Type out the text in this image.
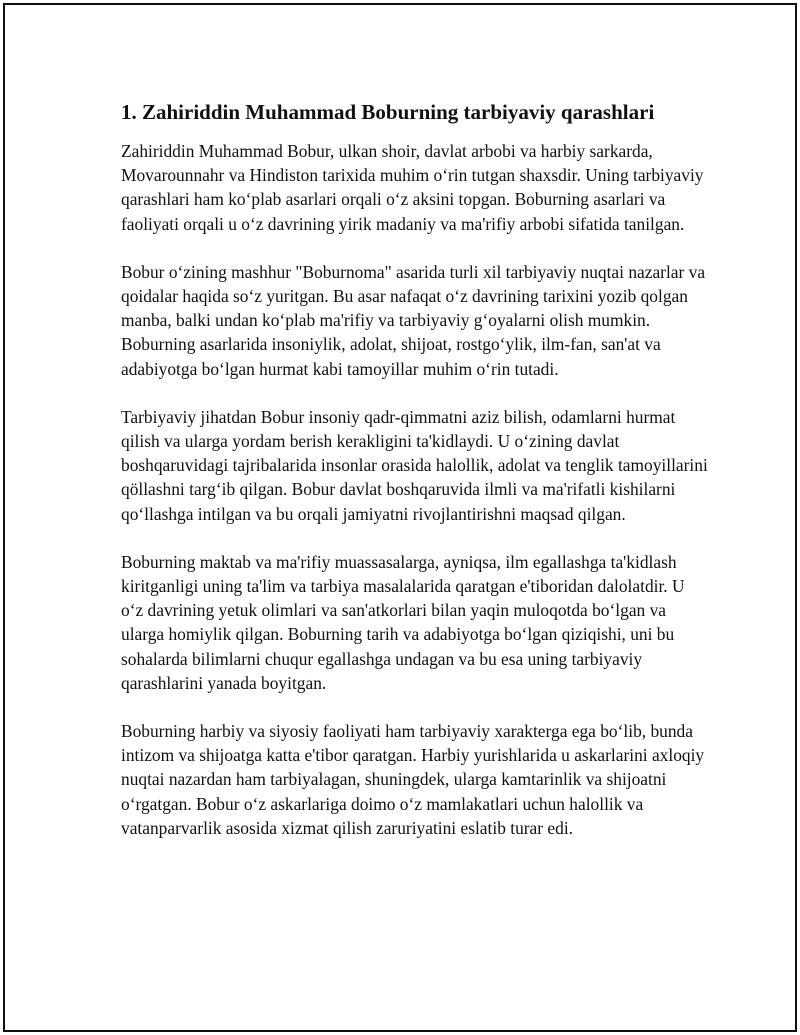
1. Zahiriddin Muhammad Boburning tarbiyaviy qarashlari

Zahiriddin Muhammad Bobur, ulkan shoir, davlat arbobi va harbiy sarkarda, Movarounnahr va Hindiston tarixida muhim o‘rin tutgan shaxsdir. Uning tarbiyaviy qarashlari ham ko‘plab asarlari orqali o‘z aksini topgan. Boburning asarlari va faoliyati orqali u o‘z davrining yirik madaniy va ma'rifiy arbobi sifatida tanilgan.

Bobur o‘zining mashhur "Boburnoma" asarida turli xil tarbiyaviy nuqtai nazarlar va qoidalar haqida so‘z yuritgan. Bu asar nafaqat o‘z davrining tarixini yozib qolgan manba, balki undan ko‘plab ma'rifiy va tarbiyaviy g‘oyalarni olish mumkin. Boburning asarlarida insoniylik, adolat, shijoat, rostgo‘ylik, ilm-fan, san'at va adabiyotga bo‘lgan hurmat kabi tamoyillar muhim o‘rin tutadi.

Tarbiyaviy jihatdan Bobur insoniy qadr-qimmatni aziz bilish, odamlarni hurmat qilish va ularga yordam berish kerakligini ta'kidlaydi. U o‘zining davlat boshqaruvidagi tajribalarida insonlar orasida halollik, adolat va tenglik tamoyillarini qöllashni targ‘ib qilgan. Bobur davlat boshqaruvida ilmli va ma'rifatli kishilarni qo‘llashga intilgan va bu orqali jamiyatni rivojlantirishni maqsad qilgan.

Boburning maktab va ma'rifiy muassasalarga, ayniqsa, ilm egallashga ta'kidlash kiritganligi uning ta'lim va tarbiya masalalarida qaratgan e'tiboridan dalolatdir. U o‘z davrining yetuk olimlari va san'atkorlari bilan yaqin muloqotda bo‘lgan va ularga homiylik qilgan. Boburning tarih va adabiyotga bo‘lgan qiziqishi, uni bu sohalarda bilimlarni chuqur egallashga undagan va bu esa uning tarbiyaviy qarashlarini yanada boyitgan.

Boburning harbiy va siyosiy faoliyati ham tarbiyaviy xarakterga ega bo‘lib, bunda intizom va shijoatga katta e'tibor qaratgan. Harbiy yurishlarida u askarlarini axloqiy nuqtai nazardan ham tarbiyalagan, shuningdek, ularga kamtarinlik va shijoatni o‘rgatgan. Bobur o‘z askarlariga doimo o‘z mamlakatlari uchun halollik va vatanparvarlik asosida xizmat qilish zaruriyatini eslatib turar edi.
